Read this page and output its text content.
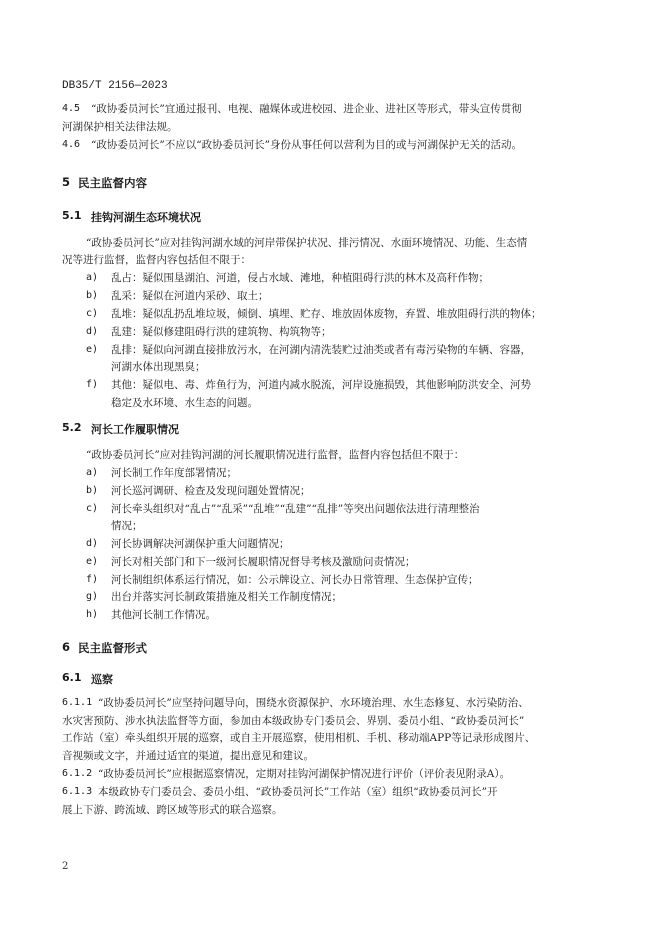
DB35/T 2156—2023
4.5 “政协委员河长”宜通过报刊、电视、融媒体或进校园、进企业、进社区等形式，带头宣传贯彻
河湖保护相关法律法规。
4.6 “政协委员河长”不应以“政协委员河长”身份从事任何以营利为目的或与河湖保护无关的活动。
5 民主监督内容
5.1 挂钩河湖生态环境状况
“政协委员河长”应对挂钩河湖水域的河岸带保护状况、排污情况、水面环境情况、功能、生态情
况等进行监督，监督内容包括但不限于：
a) 乱占：疑似围垦湖泊、河道，侵占水域、滩地，种植阻碍行洪的林木及高秆作物；
b) 乱采：疑似在河道内采砂、取土；
c) 乱堆：疑似乱扔乱堆垃圾，倾倒、填埋、贮存、堆放固体废物，弃置、堆放阻碍行洪的物体；
d) 乱建：疑似修建阻碍行洪的建筑物、构筑物等；
e) 乱排：疑似向河湖直接排放污水，在河湖内清洗装贮过油类或者有毒污染物的车辆、容器，
河湖水体出现黑臭；
f) 其他：疑似电、毒、炸鱼行为，河道内减水脱流，河岸设施损毁，其他影响防洪安全、河势
稳定及水环境、水生态的问题。
5.2 河长工作履职情况
“政协委员河长”应对挂钩河湖的河长履职情况进行监督，监督内容包括但不限于：
a) 河长制工作年度部署情况；
b) 河长巡河调研、检查及发现问题处置情况；
c) 河长牵头组织对“乱占”“乱采”“乱堆”“乱建”“乱排”等突出问题依法进行清理整治
情况；
d) 河长协调解决河湖保护重大问题情况；
e) 河长对相关部门和下一级河长履职情况督导考核及激励问责情况；
f) 河长制组织体系运行情况，如：公示牌设立、河长办日常管理、生态保护宣传；
g) 出台并落实河长制政策措施及相关工作制度情况；
h) 其他河长制工作情况。
6 民主监督形式
6.1 巡察
6.1.1 “政协委员河长”应坚持问题导向，围绕水资源保护、水环境治理、水生态修复、水污染防治、
水灾害预防、涉水执法监督等方面，参加由本级政协专门委员会、界别、委员小组、“政协委员河长”
工作站（室）牵头组织开展的巡察，或自主开展巡察，使用相机、手机、移动端APP等记录形成图片、
音视频或文字，并通过适宜的渠道，提出意见和建议。
6.1.2 “政协委员河长”应根据巡察情况，定期对挂钩河湖保护情况进行评价（评价表见附录A）。
6.1.3 本级政协专门委员会、委员小组、“政协委员河长”工作站（室）组织“政协委员河长”开
展上下游、跨流域、跨区域等形式的联合巡察。
2
